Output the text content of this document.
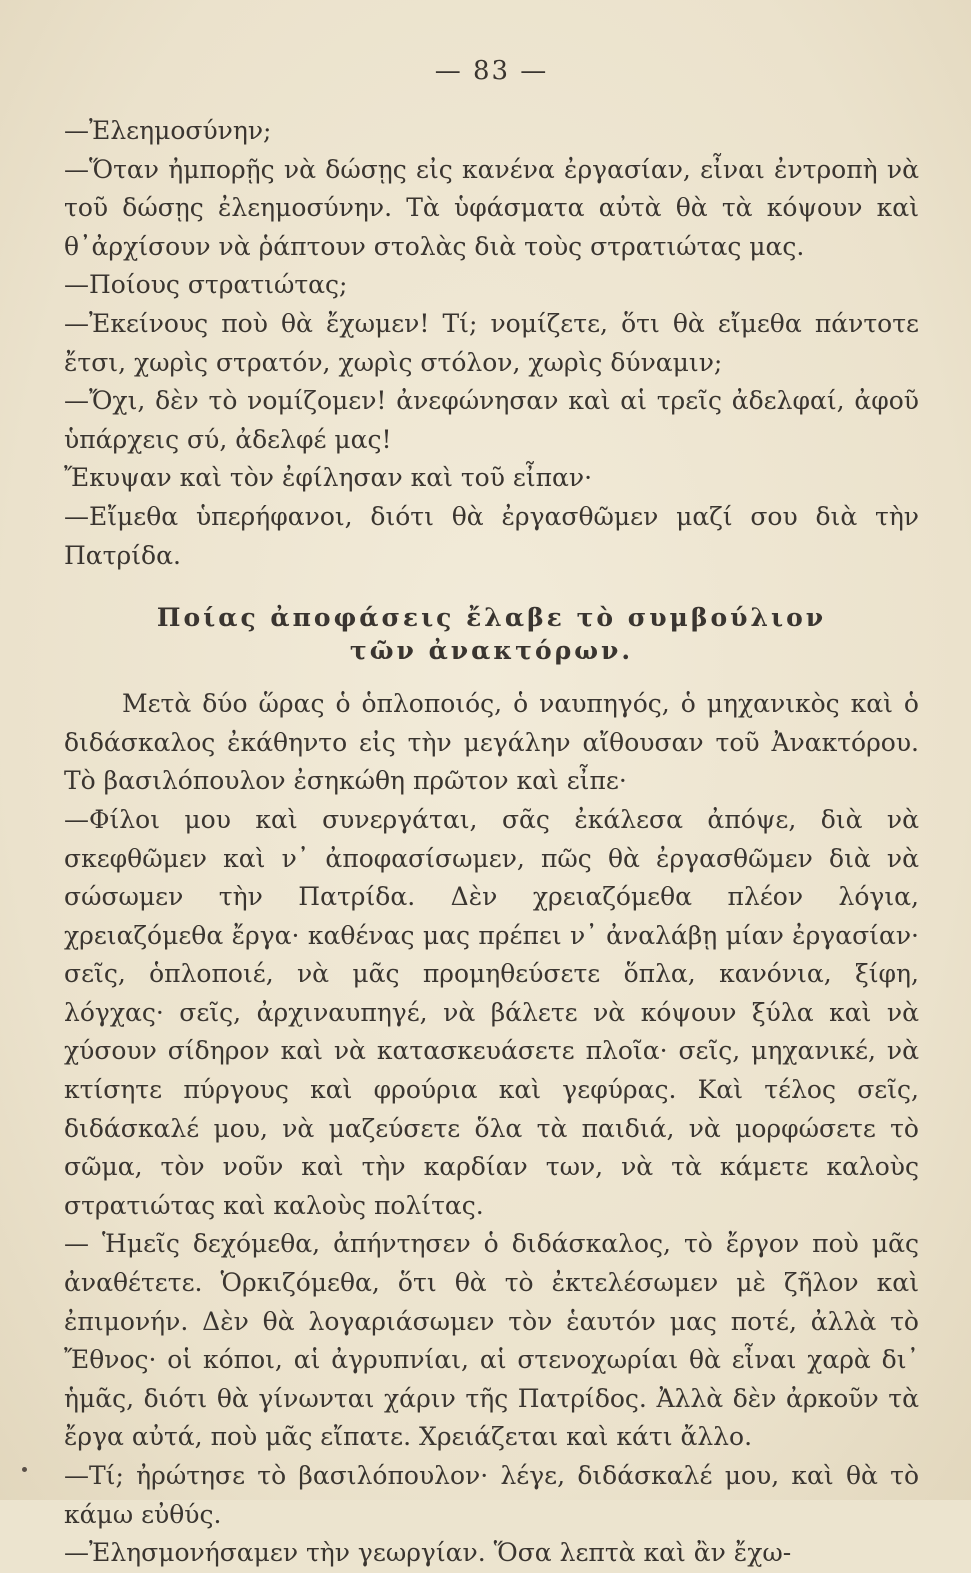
— 83 —

—Ἐλεημοσύνην;

—Ὅταν ἠμπορῇς νὰ δώσῃς εἰς κανένα ἐργασίαν, εἶναι ἐντροπὴ νὰ τοῦ δώσῃς ἐλεημοσύνην. Τὰ ὑφάσματα αὐτὰ θὰ τὰ κόψουν καὶ θ᾽ἀρχίσουν νὰ ῥάπτουν στολὰς διὰ τοὺς στρατιώτας μας.

—Ποίους στρατιώτας;

—Ἐκείνους ποὺ θὰ ἔχωμεν! Τί; νομίζετε, ὅτι θὰ εἴμεθα πάντοτε ἔτσι, χωρὶς στρατόν, χωρὶς στόλον, χωρὶς δύναμιν;

—Ὄχι, δὲν τὸ νομίζομεν! ἀνεφώνησαν καὶ αἱ τρεῖς ἀδελφαί, ἀφοῦ ὑπάρχεις σύ, ἀδελφέ μας!

Ἔκυψαν καὶ τὸν ἐφίλησαν καὶ τοῦ εἶπαν·

—Εἴμεθα ὑπερήφανοι, διότι θὰ ἐργασθῶμεν μαζί σου διὰ τὴν Πατρίδα.

Ποίας ἀποφάσεις ἔλαβε τὸ συμβούλιον
τῶν ἀνακτόρων.

Μετὰ δύο ὥρας ὁ ὁπλοποιός, ὁ ναυπηγός, ὁ μηχανικὸς καὶ ὁ διδάσκαλος ἐκάθηντο εἰς τὴν μεγάλην αἴθουσαν τοῦ Ἀνακτόρου. Τὸ βασιλόπουλον ἐσηκώθη πρῶτον καὶ εἶπε·

—Φίλοι μου καὶ συνεργάται, σᾶς ἐκάλεσα ἀπόψε, διὰ νὰ σκεφθῶμεν καὶ ν᾽ ἀποφασίσωμεν, πῶς θὰ ἐργασθῶμεν διὰ νὰ σώσωμεν τὴν Πατρίδα. Δὲν χρειαζόμεθα πλέον λόγια, χρειαζόμεθα ἔργα· καθένας μας πρέπει ν᾽ ἀναλάβῃ μίαν ἐργασίαν· σεῖς, ὁπλοποιέ, νὰ μᾶς προμηθεύσετε ὅπλα, κανόνια, ξίφη, λόγχας· σεῖς, ἀρχιναυπηγέ, νὰ βάλετε νὰ κόψουν ξύλα καὶ νὰ χύσουν σίδηρον καὶ νὰ κατασκευάσετε πλοῖα· σεῖς, μηχανικέ, νὰ κτίσητε πύργους καὶ φρούρια καὶ γεφύρας. Καὶ τέλος σεῖς, διδάσκαλέ μου, νὰ μαζεύσετε ὅλα τὰ παιδιά, νὰ μορφώσετε τὸ σῶμα, τὸν νοῦν καὶ τὴν καρδίαν των, νὰ τὰ κάμετε καλοὺς στρατιώτας καὶ καλοὺς πολίτας.

— Ἡμεῖς δεχόμεθα, ἀπήντησεν ὁ διδάσκαλος, τὸ ἔργον ποὺ μᾶς ἀναθέτετε. Ὁρκιζόμεθα, ὅτι θὰ τὸ ἐκτελέσωμεν μὲ ζῆλον καὶ ἐπιμονήν. Δὲν θὰ λογαριάσωμεν τὸν ἑαυτόν μας ποτέ, ἀλλὰ τὸ Ἔθνος· οἱ κόποι, αἱ ἀγρυπνίαι, αἱ στενοχωρίαι θὰ εἶναι χαρὰ δι᾽ ἡμᾶς, διότι θὰ γίνωνται χάριν τῆς Πατρίδος. Ἀλλὰ δὲν ἀρκοῦν τὰ ἔργα αὐτά, ποὺ μᾶς εἴπατε. Χρειάζεται καὶ κάτι ἄλλο.

—Τί; ἠρώτησε τὸ βασιλόπουλον· λέγε, διδάσκαλέ μου, καὶ θὰ τὸ κάμω εὐθύς.

—Ἐλησμονήσαμεν τὴν γεωργίαν. Ὅσα λεπτὰ καὶ ἂν ἔχω-
